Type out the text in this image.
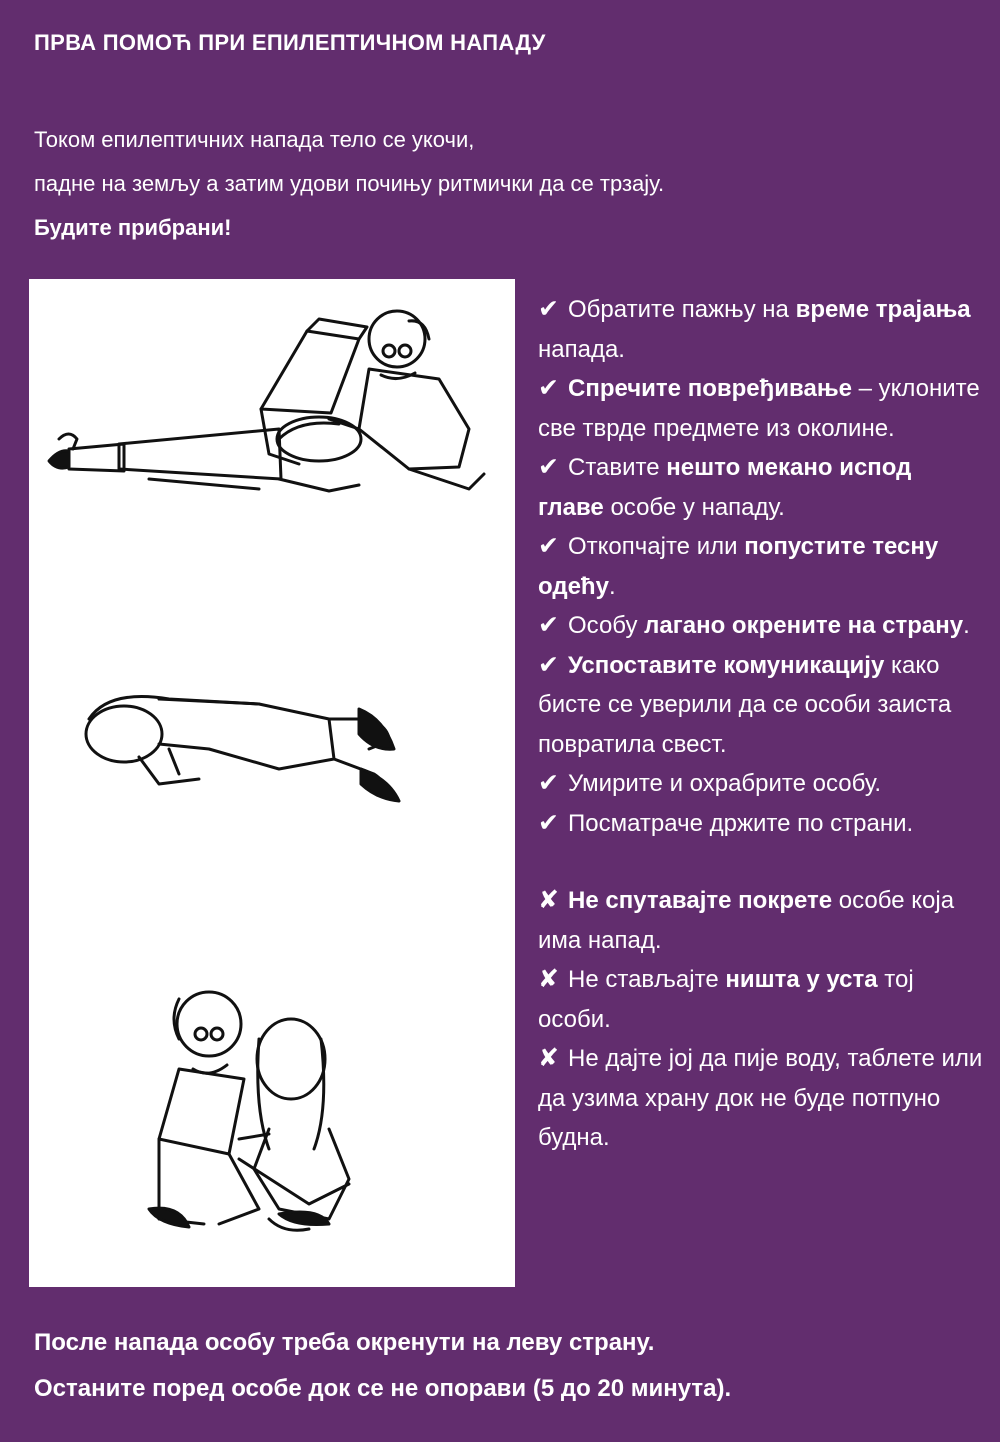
ПРВА ПОМОЋ ПРИ ЕПИЛЕПТИЧНОМ НАПАДУ
Током епилептичних напада тело се укочи,
падне на земљу а затим удови почињу ритмички да се трзају.
Будите прибрани!
✔ Обратите пажњу на време трајања напада.
✔ Спречите повређивање – уклоните све тврде предмете из околине.
✔ Ставите нешто мекано испод главе особе у нападу.
✔ Откопчајте или попустите тесну одећу.
✔ Особу лагано окрените на страну.
✔ Успоставите комуникацију како бисте се уверили да се особи заиста повратила свест.
✔ Умирите и охрабрите особу.
✔ Посматраче држите по страни.
✘ Не спутавајте покрете особе која има напад.
✘ Не стављајте ништа у уста тој особи.
✘ Не дајте јој да пије воду, таблете или да узима храну док не буде потпуно будна.
После напада особу треба окренути на леву страну.
Останите поред особе док се не опорави (5 до 20 минута).
